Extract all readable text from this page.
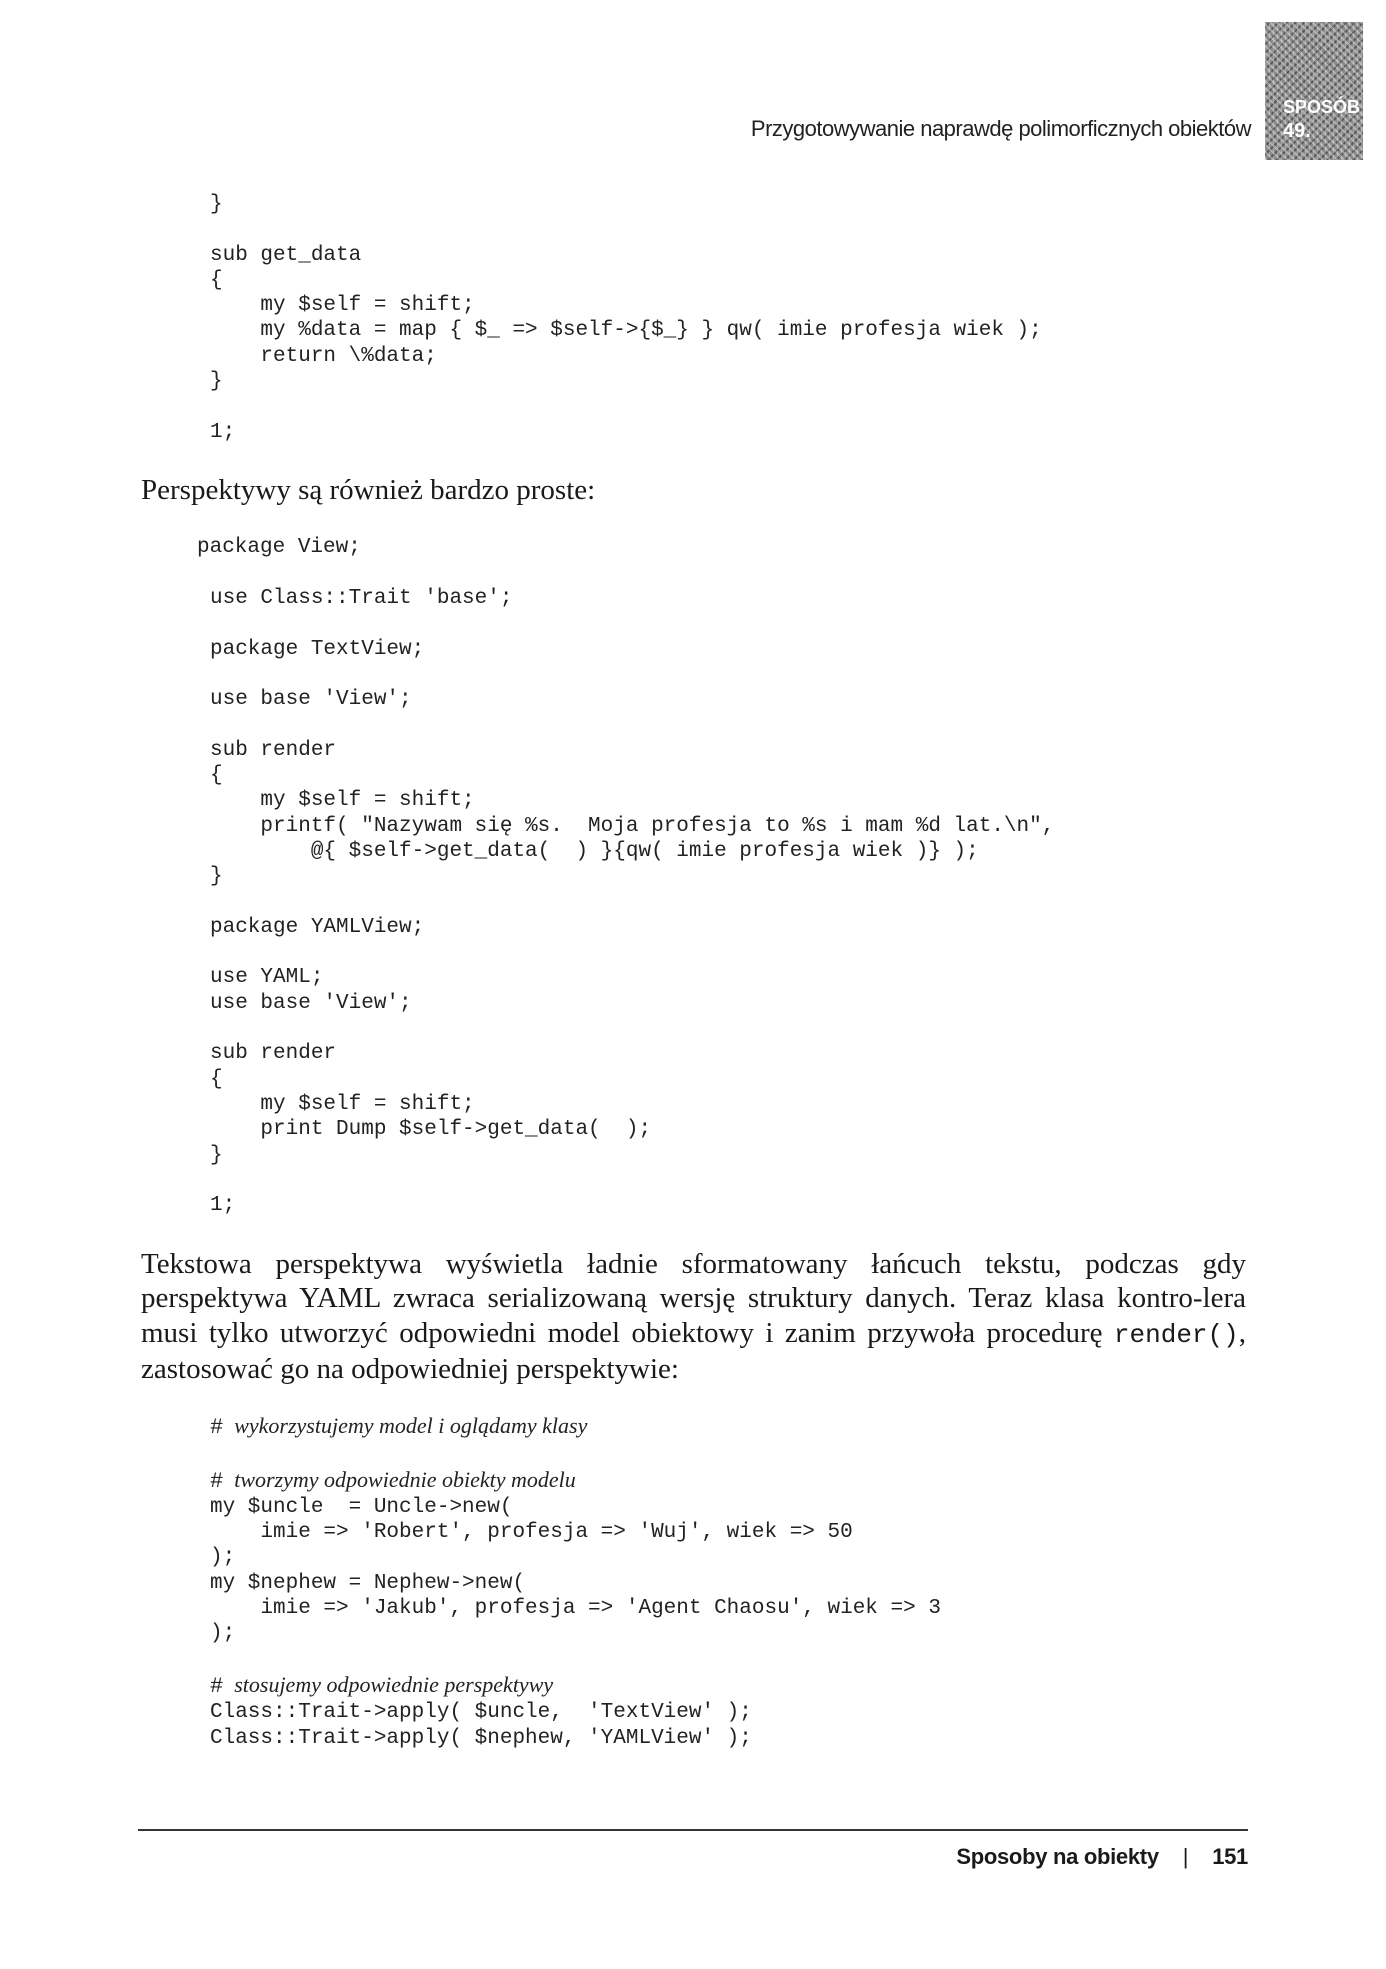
Przygotowywanie naprawdę polimorficznych obiektów
SPOSÓB
49.
}

sub get_data
{
my $self = shift;
my %data = map { $_ => $self->{$_} } qw( imie profesja wiek );
return \%data;
}

1;

Perspektywy są również bardzo proste:

package View;
use Class::Trait 'base';

package TextView;

use base 'View';

sub render
{
my $self = shift;
printf( "Nazywam się %s.  Moja profesja to %s i mam %d lat.\n",
@{ $self->get_data(  ) }{qw( imie profesja wiek )} );
}

package YAMLView;

use YAML;
use base 'View';

sub render
{
my $self = shift;
print Dump $self->get_data(  );
}

1;

Tekstowa perspektywa wyświetla ładnie sformatowany łańcuch tekstu, podczas gdy perspektywa YAML zwraca serializowaną wersję struktury danych. Teraz klasa kontro-lera musi tylko utworzyć odpowiedni model obiektowy i zanim przywoła procedurę render(), zastosować go na odpowiedniej perspektywie:

# wykorzystujemy model i oglądamy klasy

# tworzymy odpowiednie obiekty modelu
my $uncle  = Uncle->new(
imie => 'Robert', profesja => 'Wuj', wiek => 50
);
my $nephew = Nephew->new(
imie => 'Jakub', profesja => 'Agent Chaosu', wiek => 3
);

# stosujemy odpowiednie perspektywy
Class::Trait->apply( $uncle,  'TextView' );
Class::Trait->apply( $nephew, 'YAMLView' );
Sposoby na obiekty | 151
